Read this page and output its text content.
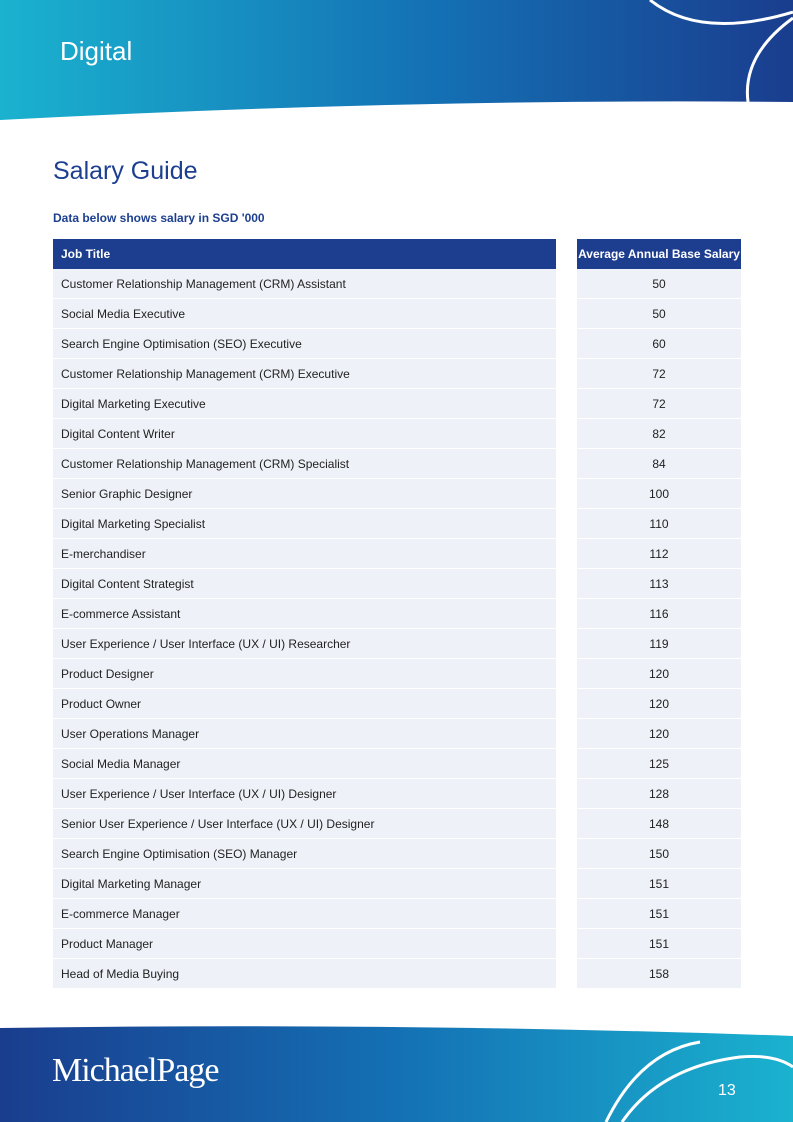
Digital
Salary Guide

Data below shows salary in SGD '000

Job Title		Average Annual Base Salary
Customer Relationship Management (CRM) Assistant		50
Social Media Executive		50
Search Engine Optimisation (SEO) Executive		60
Customer Relationship Management (CRM) Executive		72
Digital Marketing Executive		72
Digital Content Writer		82
Customer Relationship Management (CRM) Specialist		84
Senior Graphic Designer		100
Digital Marketing Specialist		110
E-merchandiser		112
Digital Content Strategist		113
E-commerce Assistant		116
User Experience / User Interface (UX / UI) Researcher		119
Product Designer		120
Product Owner		120
User Operations Manager		120
Social Media Manager		125
User Experience / User Interface (UX / UI) Designer		128
Senior User Experience / User Interface (UX / UI) Designer		148
Search Engine Optimisation (SEO) Manager		150
Digital Marketing Manager		151
E-commerce Manager		151
Product Manager		151
Head of Media Buying		158
MichaelPage
13
